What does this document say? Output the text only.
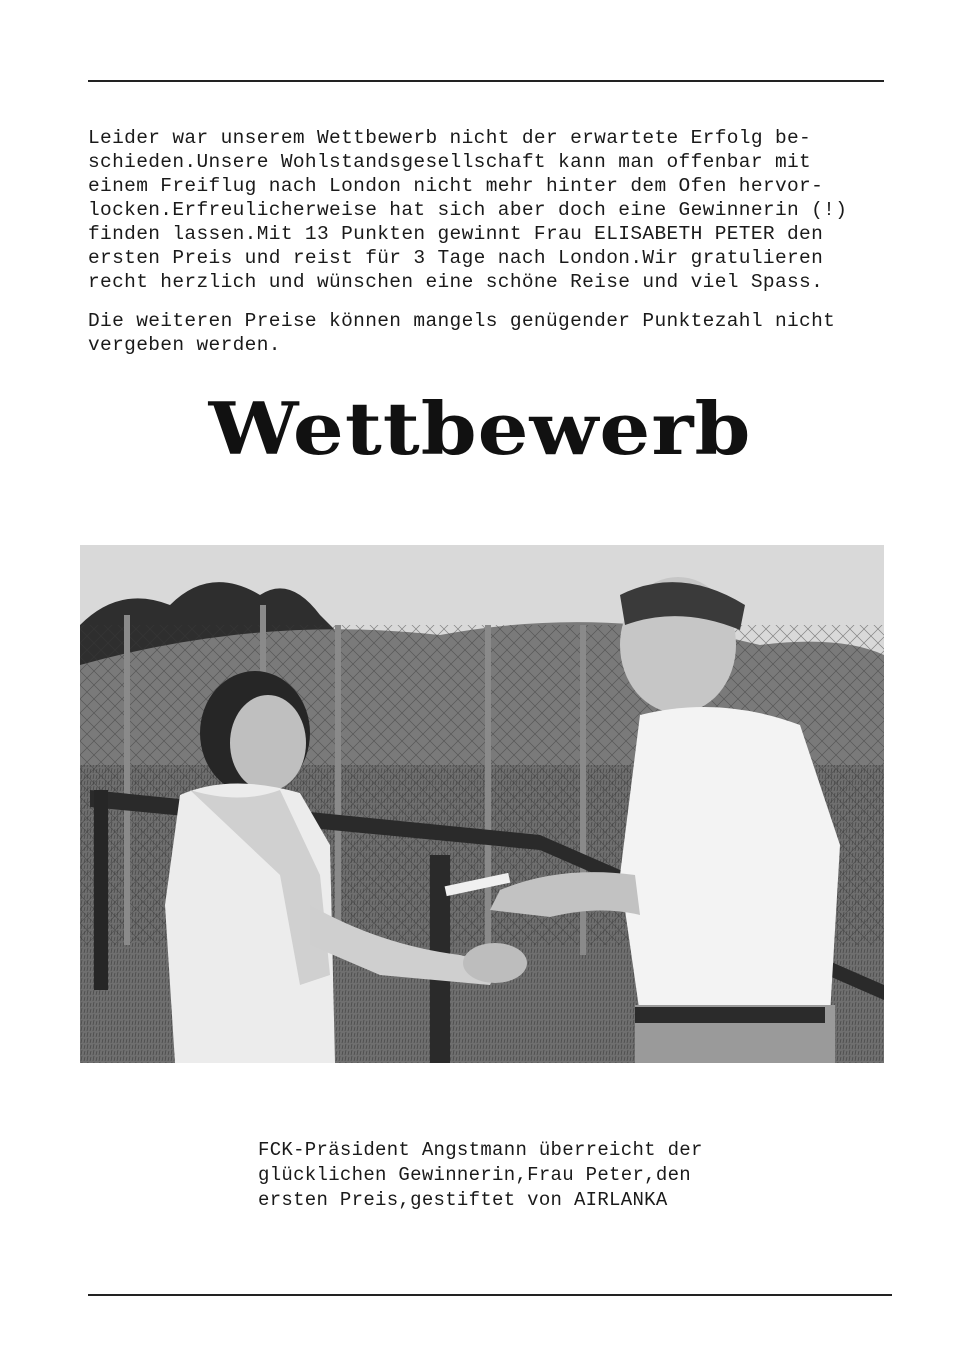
Leider war unserem Wettbewerb nicht der erwartete Erfolg be-
schieden.Unsere Wohlstandsgesellschaft kann man offenbar mit
einem Freiflug nach London nicht mehr hinter dem Ofen hervor-
locken.Erfreulicherweise hat sich aber doch eine Gewinnerin (!)
finden lassen.Mit 13 Punkten gewinnt Frau ELISABETH PETER den
ersten Preis und reist für 3 Tage nach London.Wir gratulieren
recht herzlich und wünschen eine schöne Reise und viel Spass.

Die weiteren Preise können mangels genügender Punktezahl nicht
vergeben werden.

Wettbewerb

FCK-Präsident Angstmann überreicht der
glücklichen Gewinnerin,Frau Peter,den
ersten Preis,gestiftet von AIRLANKA
